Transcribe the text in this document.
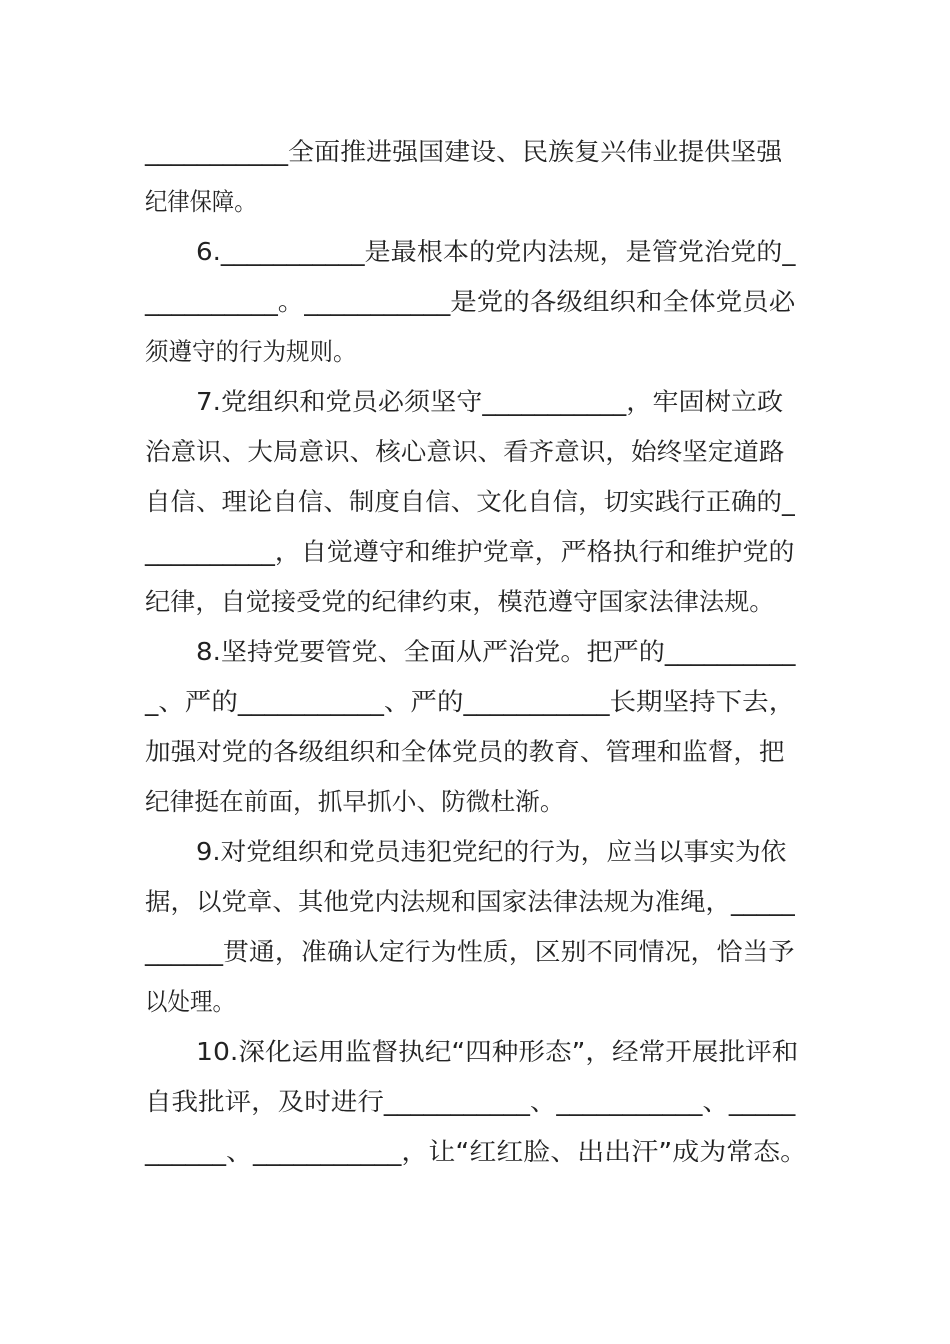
___________全面推进强国建设、民族复兴伟业提供坚强
纪律保障。
6.___________是最根本的党内法规，是管党治党的_
__________。___________是党的各级组织和全体党员必
须遵守的行为规则。
7.党组织和党员必须坚守___________，牢固树立政
治意识、大局意识、核心意识、看齐意识，始终坚定道路
自信、理论自信、制度自信、文化自信，切实践行正确的_
__________，自觉遵守和维护党章，严格执行和维护党的
纪律，自觉接受党的纪律约束，模范遵守国家法律法规。
8.坚持党要管党、全面从严治党。把严的__________
_、严的___________、严的___________长期坚持下去，
加强对党的各级组织和全体党员的教育、管理和监督，把
纪律挺在前面，抓早抓小、防微杜渐。
9.对党组织和党员违犯党纪的行为，应当以事实为依
据，以党章、其他党内法规和国家法律法规为准绳，_____
______贯通，准确认定行为性质，区别不同情况，恰当予
以处理。
10.深化运用监督执纪“四种形态”，经常开展批评和
自我批评，及时进行___________、___________、_____
______、___________，让“红红脸、出出汗”成为常态。
